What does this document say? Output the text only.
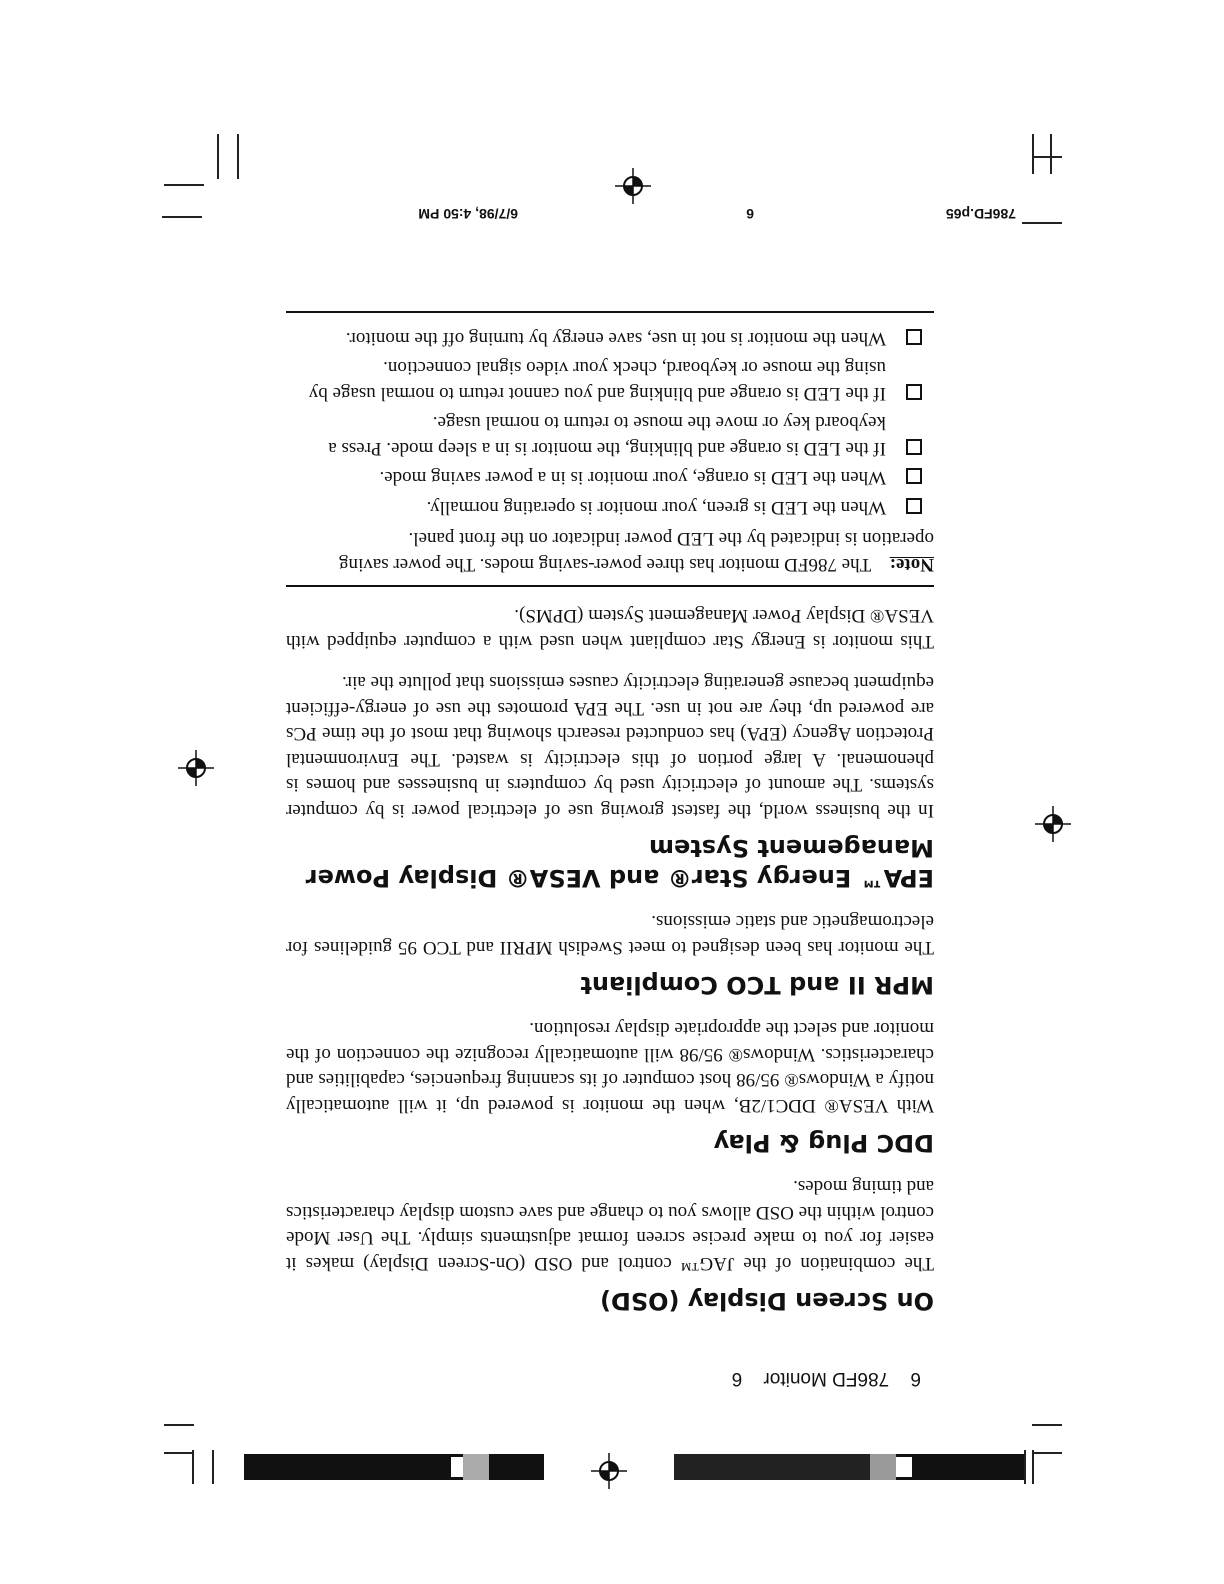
6 786FD Monitor 6
On Screen Display (OSD)

The combination of the JAG™ control and OSD (On-Screen Display) makes it easier for you to make precise screen format adjustments simply. The User Mode control within the OSD allows you to change and save custom display characteristics and timing modes.

DDC Plug & Play

With VESA® DDC1/2B, when the monitor is powered up, it will automatically notify a Windows® 95/98 host computer of its scanning frequencies, capabilities and characteristics. Windows® 95/98 will automatically recognize the connection of the monitor and select the appropriate display resolution.

MPR II and TCO Compliant

The monitor has been designed to meet Swedish MPRII and TCO 95 guidelines for electromagnetic and static emissions.

EPA™ Energy Star® and VESA® Display Power Management System

In the business world, the fastest growing use of electrical power is by computer systems. The amount of electricity used by computers in businesses and homes is phenomenal. A large portion of this electricity is wasted. The Environmental Protection Agency (EPA) has conducted research showing that most of the time PCs are powered up, they are not in use. The EPA promotes the use of energy-efficient equipment because generating electricity causes emissions that pollute the air.

This monitor is Energy Star compliant when used with a computer equipped with VESA® Display Power Management System (DPMS).

Note: The 786FD monitor has three power-saving modes. The power saving operation is indicated by the LED power indicator on the front panel.

When the LED is green, your monitor is operating normally.
When the LED is orange, your monitor is in a power saving mode.
If the LED is orange and blinking, the monitor is in a sleep mode. Press a keyboard key or move the mouse to return to normal usage.
If the LED is orange and blinking and you cannot return to normal usage by using the mouse or keyboard, check your video signal connection.
When the monitor is not in use, save energy by turning off the monitor.
786FD.p65
6
6/7/98, 4:50 PM
